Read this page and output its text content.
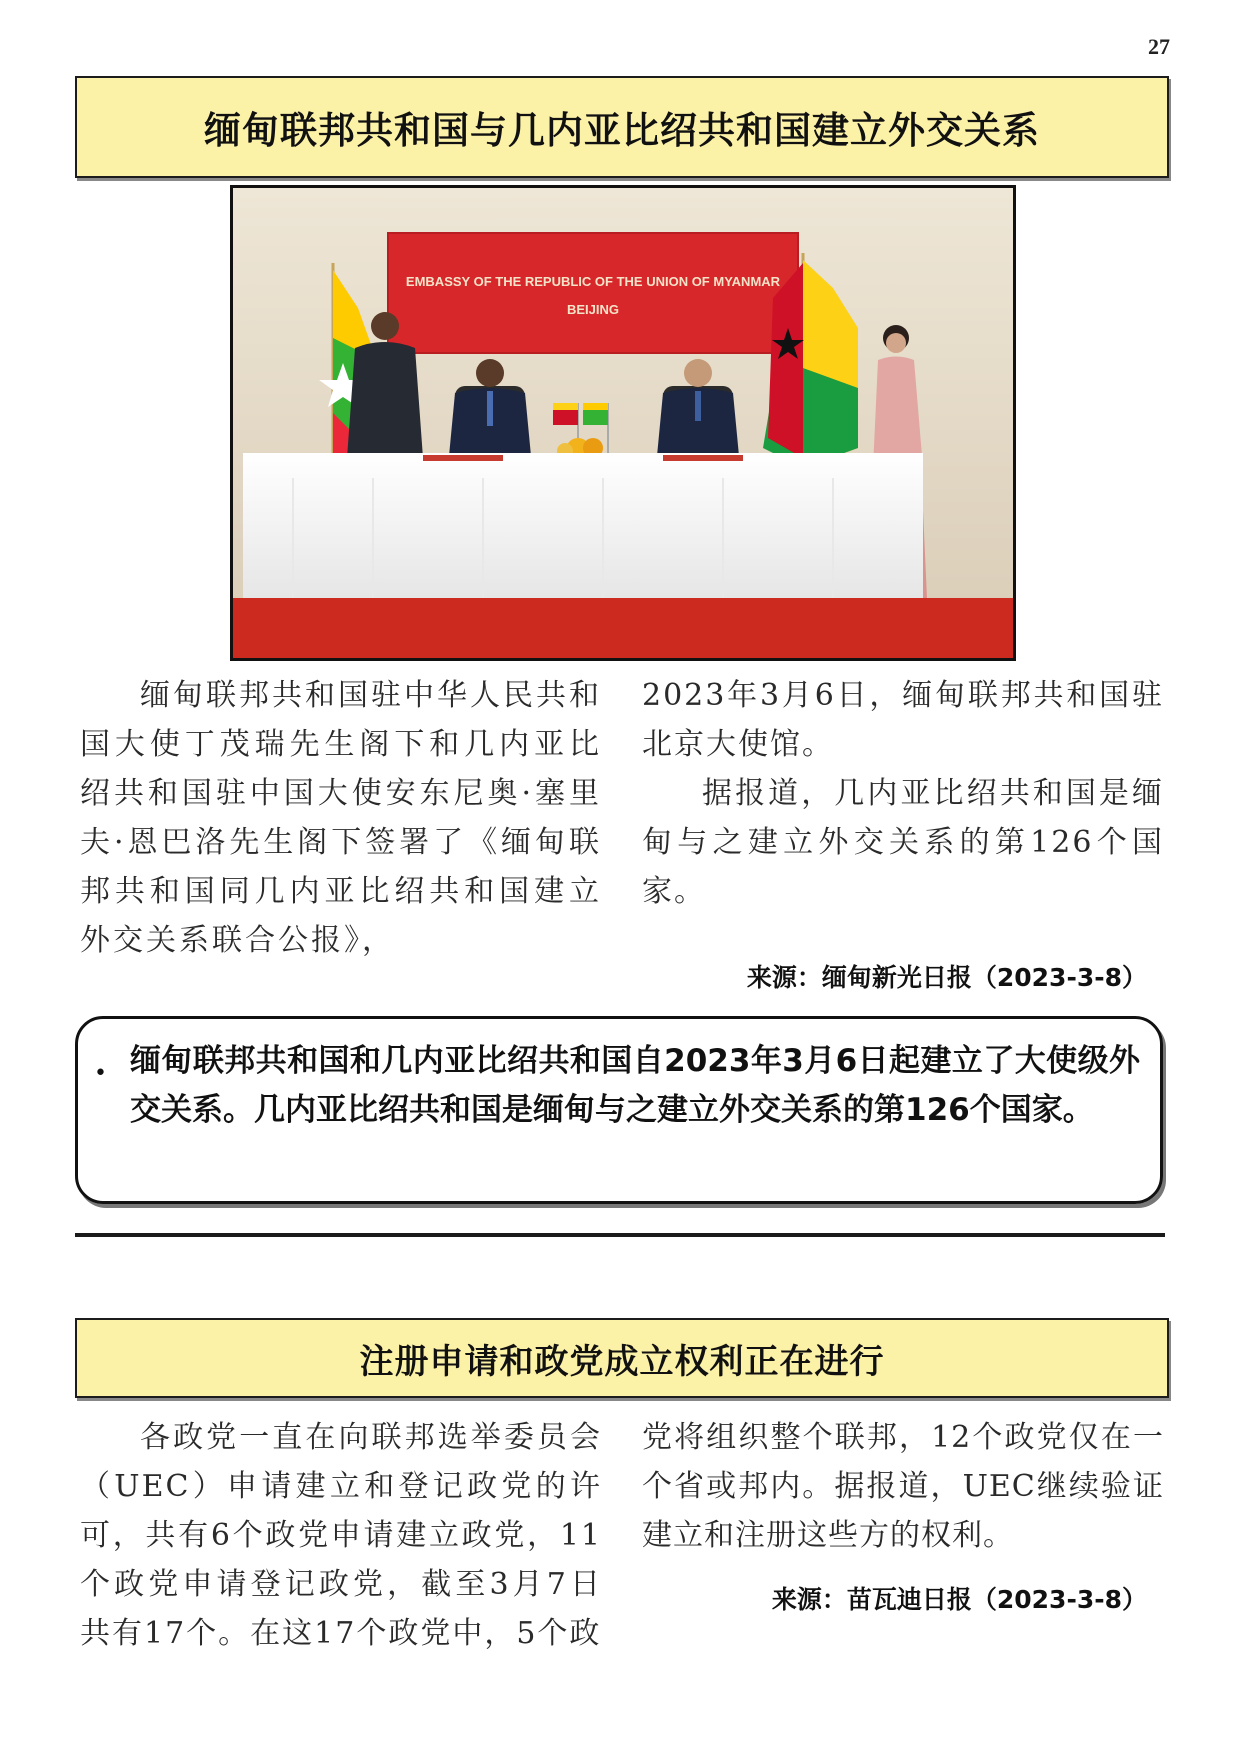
27
缅甸联邦共和国与几内亚比绍共和国建立外交关系
EMBASSY OF THE REPUBLIC OF THE UNION OF MYANMAR
BEIJING

缅甸联邦共和国驻中华人民共和国大使丁茂瑞先生阁下和几内亚比绍共和国驻中国大使安东尼奥·塞里夫·恩巴洛先生阁下签署了《缅甸联邦共和国同几内亚比绍共和国建立外交关系联合公报》，

2023年3月6日，缅甸联邦共和国驻北京大使馆。

据报道，几内亚比绍共和国是缅甸与之建立外交关系的第126个国家。

来源：缅甸新光日报（2023-3-8）
• 缅甸联邦共和国和几内亚比绍共和国自2023年3月6日起建立了大使级外交关系。几内亚比绍共和国是缅甸与之建立外交关系的第126个国家。
注册申请和政党成立权利正在进行

各政党一直在向联邦选举委员会（UEC）申请建立和登记政党的许可，共有6个政党申请建立政党，11个政党申请登记政党，截至3月7日共有17个。在这17个政党中，5个政

党将组织整个联邦，12个政党仅在一个省或邦内。据报道，UEC继续验证建立和注册这些方的权利。

来源：苗瓦迪日报（2023-3-8）
